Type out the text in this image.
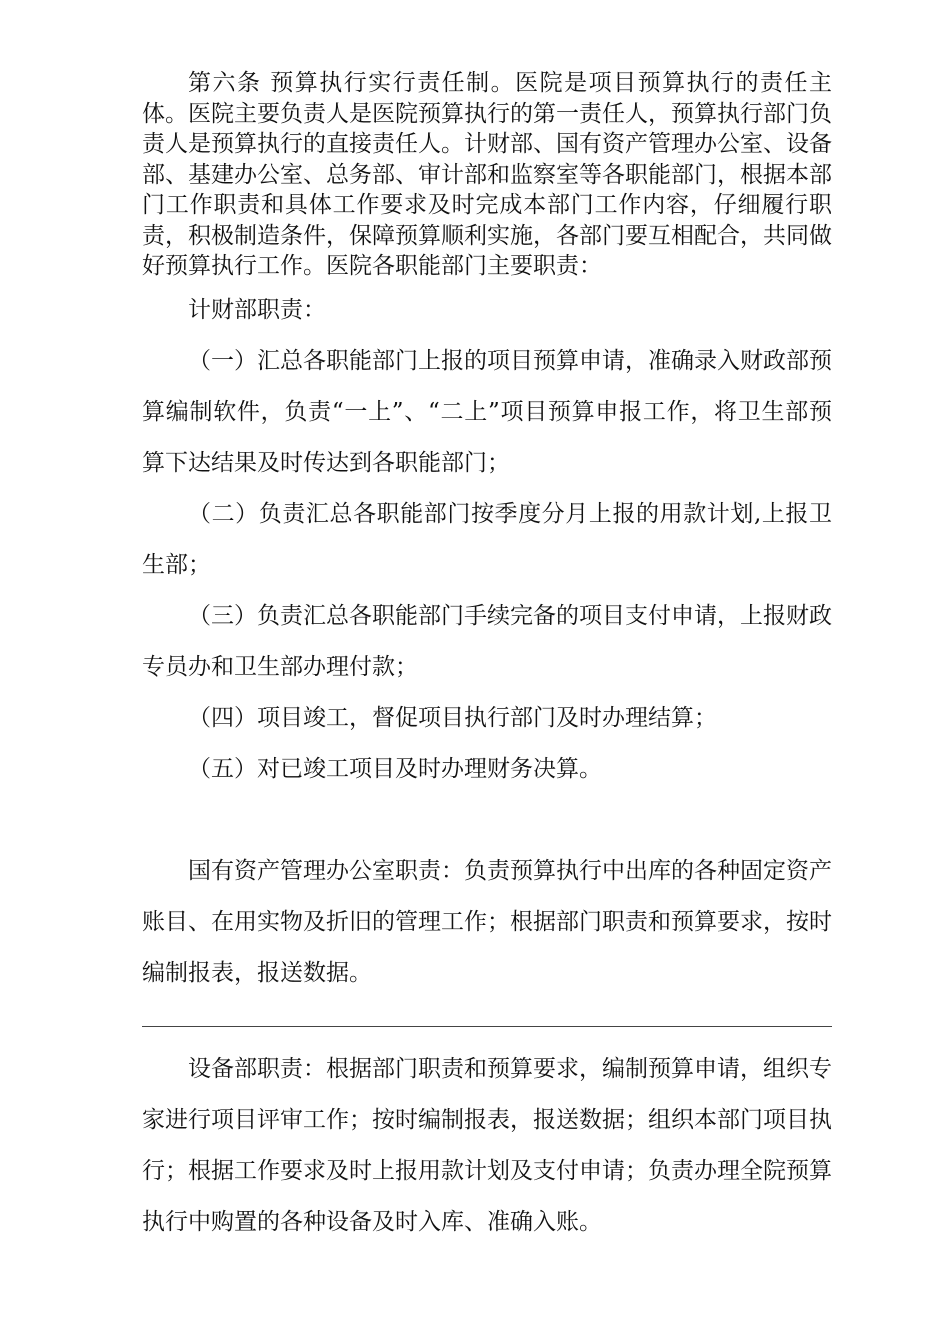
第六条 预算执行实行责任制。医院是项目预算执行的责任主体。医院主要负责人是医院预算执行的第一责任人，预算执行部门负责人是预算执行的直接责任人。计财部、国有资产管理办公室、设备部、基建办公室、总务部、审计部和监察室等各职能部门，根据本部门工作职责和具体工作要求及时完成本部门工作内容，仔细履行职责，积极制造条件，保障预算顺利实施，各部门要互相配合，共同做好预算执行工作。医院各职能部门主要职责：

计财部职责：

（一）汇总各职能部门上报的项目预算申请，准确录入财政部预算编制软件，负责“一上”、“二上”项目预算申报工作，将卫生部预算下达结果及时传达到各职能部门；

（二）负责汇总各职能部门按季度分月上报的用款计划,上报卫生部；

（三）负责汇总各职能部门手续完备的项目支付申请，上报财政专员办和卫生部办理付款；

（四）项目竣工，督促项目执行部门及时办理结算；

（五）对已竣工项目及时办理财务决算。

国有资产管理办公室职责：负责预算执行中出库的各种固定资产账目、在用实物及折旧的管理工作；根据部门职责和预算要求，按时编制报表，报送数据。

设备部职责：根据部门职责和预算要求，编制预算申请，组织专家进行项目评审工作；按时编制报表，报送数据；组织本部门项目执行；根据工作要求及时上报用款计划及支付申请；负责办理全院预算执行中购置的各种设备及时入库、准确入账。
